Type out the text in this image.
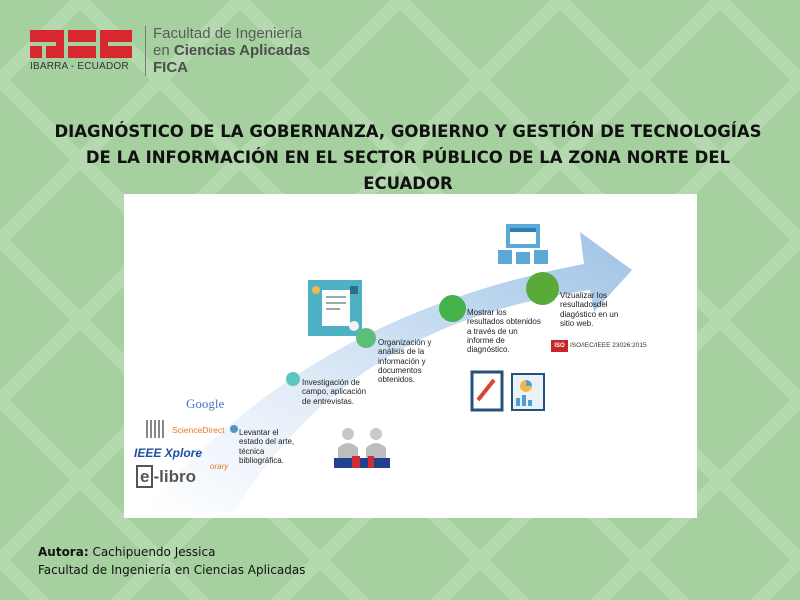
IBARRA - ECUADOR
Facultad de Ingeniería
en Ciencias Aplicadas
FICA
DIAGNÓSTICO DE LA GOBERNANZA, GOBIERNO Y GESTIÓN DE TECNOLOGÍAS DE LA INFORMACIÓN EN EL SECTOR PÚBLICO DE LA ZONA NORTE DEL ECUADOR
Google
ScienceDirect
IEEE Xplore
orary
e -libro
ISO ISO/IEC/IEEE 23026:2015
Levantar el estado del arte, técnica bibliográfica.
Investigación de campo, aplicación de entrevistas.
Organización y análisis de la información y documentos obtenidos.
Mostrar los resultados obtenidos a través de un informe de diagnóstico.
Vizualizar los resultadosdel diagóstico en un sitio web.
Autora: Cachipuendo Jessica
Facultad de Ingeniería en Ciencias Aplicadas
